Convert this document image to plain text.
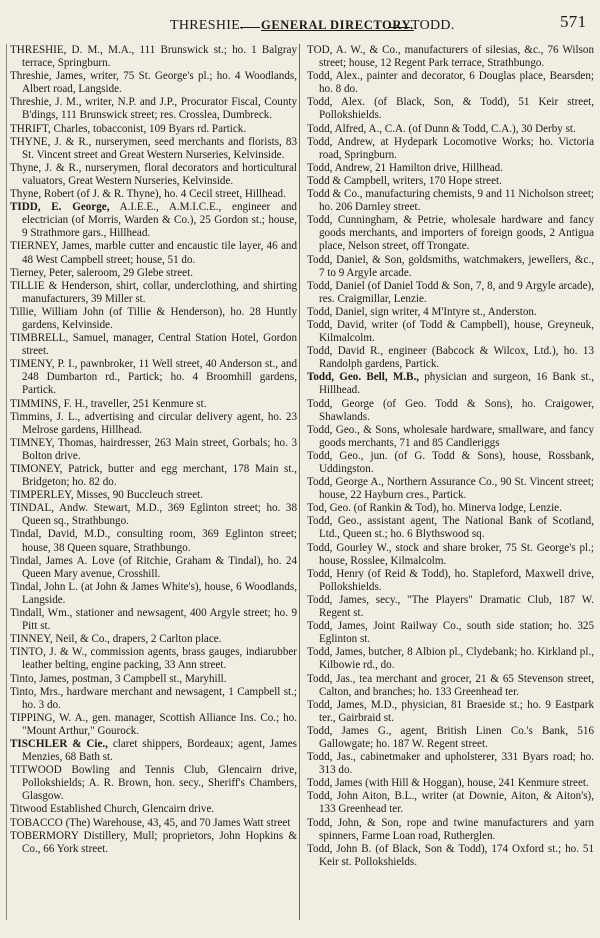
THRESHIE. GENERAL DIRECTORY.
TODD.	571

THRESHIE, D. M., M.A., 111 Brunswick st.; ho. 1 Balgray terrace, Springburn.

Threshie, James, writer, 75 St. George's pl.; ho. 4 Woodlands, Albert road, Langside.

Threshie, J. M., writer, N.P. and J.P., Procurator Fiscal, County B'dings, 111 Brunswick street; res. Crosslea, Dumbreck.

THRIFT, Charles, tobacconist, 109 Byars rd. Partick.

THYNE, J. & R., nurserymen, seed merchants and florists, 83 St. Vincent street and Great Western Nurseries, Kelvinside.

Thyne, J. & R., nurserymen, floral decorators and horticultural valuators, Great Western Nurseries, Kelvinside.

Thyne, Robert (of J. & R. Thyne), ho. 4 Cecil street, Hillhead.

TIDD, E. George, A.I.E.E., A.M.I.C.E., engineer and electrician (of Morris, Warden & Co.), 25 Gordon st.; house, 9 Strathmore gars., Hillhead.

TIERNEY, James, marble cutter and encaustic tile layer, 46 and 48 West Campbell street; house, 51 do.

Tierney, Peter, saleroom, 29 Glebe street.

TILLIE & Henderson, shirt, collar, underclothing, and shirting manufacturers, 39 Miller st.

Tillie, William John (of Tillie & Henderson), ho. 28 Huntly gardens, Kelvinside.

TIMBRELL, Samuel, manager, Central Station Hotel, Gordon street.

TIMENY, P. I., pawnbroker, 11 Well street, 40 Anderson st., and 248 Dumbarton rd., Partick; ho. 4 Broomhill gardens, Partick.

TIMMINS, F. H., traveller, 251 Kenmure st.

Timmins, J. L., advertising and circular delivery agent, ho. 23 Melrose gardens, Hillhead.

TIMNEY, Thomas, hairdresser, 263 Main street, Gorbals; ho. 3 Bolton drive.

TIMONEY, Patrick, butter and egg merchant, 178 Main st., Bridgeton; ho. 82 do.

TIMPERLEY, Misses, 90 Buccleuch street.

TINDAL, Andw. Stewart, M.D., 369 Eglinton street; ho. 38 Queen sq., Strathbungo.

Tindal, David, M.D., consulting room, 369 Eglinton street; house, 38 Queen square, Strathbungo.

Tindal, James A. Love (of Ritchie, Graham & Tindal), ho. 24 Queen Mary avenue, Crosshill.

Tindal, John L. (at John & James White's), house, 6 Woodlands, Langside.

Tindall, Wm., stationer and newsagent, 400 Argyle street; ho. 9 Pitt st.

TINNEY, Neil, & Co., drapers, 2 Carlton place.

TINTO, J. & W., commission agents, brass gauges, indiarubber leather belting, engine packing, 33 Ann street.

Tinto, James, postman, 3 Campbell st., Maryhill.

Tinto, Mrs., hardware merchant and newsagent, 1 Campbell st.; ho. 3 do.

TIPPING, W. A., gen. manager, Scottish Alliance Ins. Co.; ho. "Mount Arthur," Gourock.

TISCHLER & Cie., claret shippers, Bordeaux; agent, James Menzies, 68 Bath st.

TITWOOD Bowling and Tennis Club, Glencairn drive, Pollokshields; A. R. Brown, hon. secy., Sheriff's Chambers, Glasgow.

Titwood Established Church, Glencairn drive.

TOBACCO (The) Warehouse, 43, 45, and 70 James Watt street

TOBERMORY Distillery, Mull; proprietors, John Hopkins & Co., 66 York street.

TOD, A. W., & Co., manufacturers of silesias, &c., 76 Wilson street; house, 12 Regent Park terrace, Strathbungo.

Todd, Alex., painter and decorator, 6 Douglas place, Bearsden; ho. 8 do.

Todd, Alex. (of Black, Son, & Todd), 51 Keir street, Pollokshields.

Todd, Alfred, A., C.A. (of Dunn & Todd, C.A.), 30 Derby st.

Todd, Andrew, at Hydepark Locomotive Works; ho. Victoria road, Springburn.

Todd, Andrew, 21 Hamilton drive, Hillhead.

Todd & Campbell, writers, 170 Hope street.

Todd & Co., manufacturing chemists, 9 and 11 Nicholson street; ho. 206 Darnley street.

Todd, Cunningham, & Petrie, wholesale hardware and fancy goods merchants, and importers of foreign goods, 2 Antigua place, Nelson street, off Trongate.

Todd, Daniel, & Son, goldsmiths, watchmakers, jewellers, &c., 7 to 9 Argyle arcade.

Todd, Daniel (of Daniel Todd & Son, 7, 8, and 9 Argyle arcade), res. Craigmillar, Lenzie.

Todd, Daniel, sign writer, 4 M'Intyre st., Anderston.

Todd, David, writer (of Todd & Campbell), house, Greyneuk, Kilmalcolm.

Todd, David R., engineer (Babcock & Wilcox, Ltd.), ho. 13 Randolph gardens, Partick.

Todd, Geo. Bell, M.B., physician and surgeon, 16 Bank st., Hillhead.

Todd, George (of Geo. Todd & Sons), ho. Craigower, Shawlands.

Todd, Geo., & Sons, wholesale hardware, smallware, and fancy goods merchants, 71 and 85 Candleriggs

Todd, Geo., jun. (of G. Todd & Sons), house, Rossbank, Uddingston.

Todd, George A., Northern Assurance Co., 90 St. Vincent street; house, 22 Hayburn cres., Partick.

Tod, Geo. (of Rankin & Tod), ho. Minerva lodge, Lenzie.

Todd, Geo., assistant agent, The National Bank of Scotland, Ltd., Queen st.; ho. 6 Blythswood sq.

Todd, Gourley W., stock and share broker, 75 St. George's pl.; house, Rosslee, Kilmalcolm.

Todd, Henry (of Reid & Todd), ho. Stapleford, Maxwell drive, Pollokshields.

Todd, James, secy., "The Players" Dramatic Club, 187 W. Regent st.

Todd, James, Joint Railway Co., south side station; ho. 325 Eglinton st.

Todd, James, butcher, 8 Albion pl., Clydebank; ho. Kirkland pl., Kilbowie rd., do.

Todd, Jas., tea merchant and grocer, 21 & 65 Stevenson street, Calton, and branches; ho. 133 Greenhead ter.

Todd, James, M.D., physician, 81 Braeside st.; ho. 9 Eastpark ter., Gairbraid st.

Todd, James G., agent, British Linen Co.'s Bank, 516 Gallowgate; ho. 187 W. Regent street.

Todd, Jas., cabinetmaker and upholsterer, 331 Byars road; ho. 313 do.

Todd, James (with Hill & Hoggan), house, 241 Kenmure street.

Todd, John Aiton, B.L., writer (at Downie, Aiton, & Aiton's), 133 Greenhead ter.

Todd, John, & Son, rope and twine manufacturers and yarn spinners, Farme Loan road, Rutherglen.

Todd, John B. (of Black, Son & Todd), 174 Oxford st.; ho. 51 Keir st. Pollokshields.
